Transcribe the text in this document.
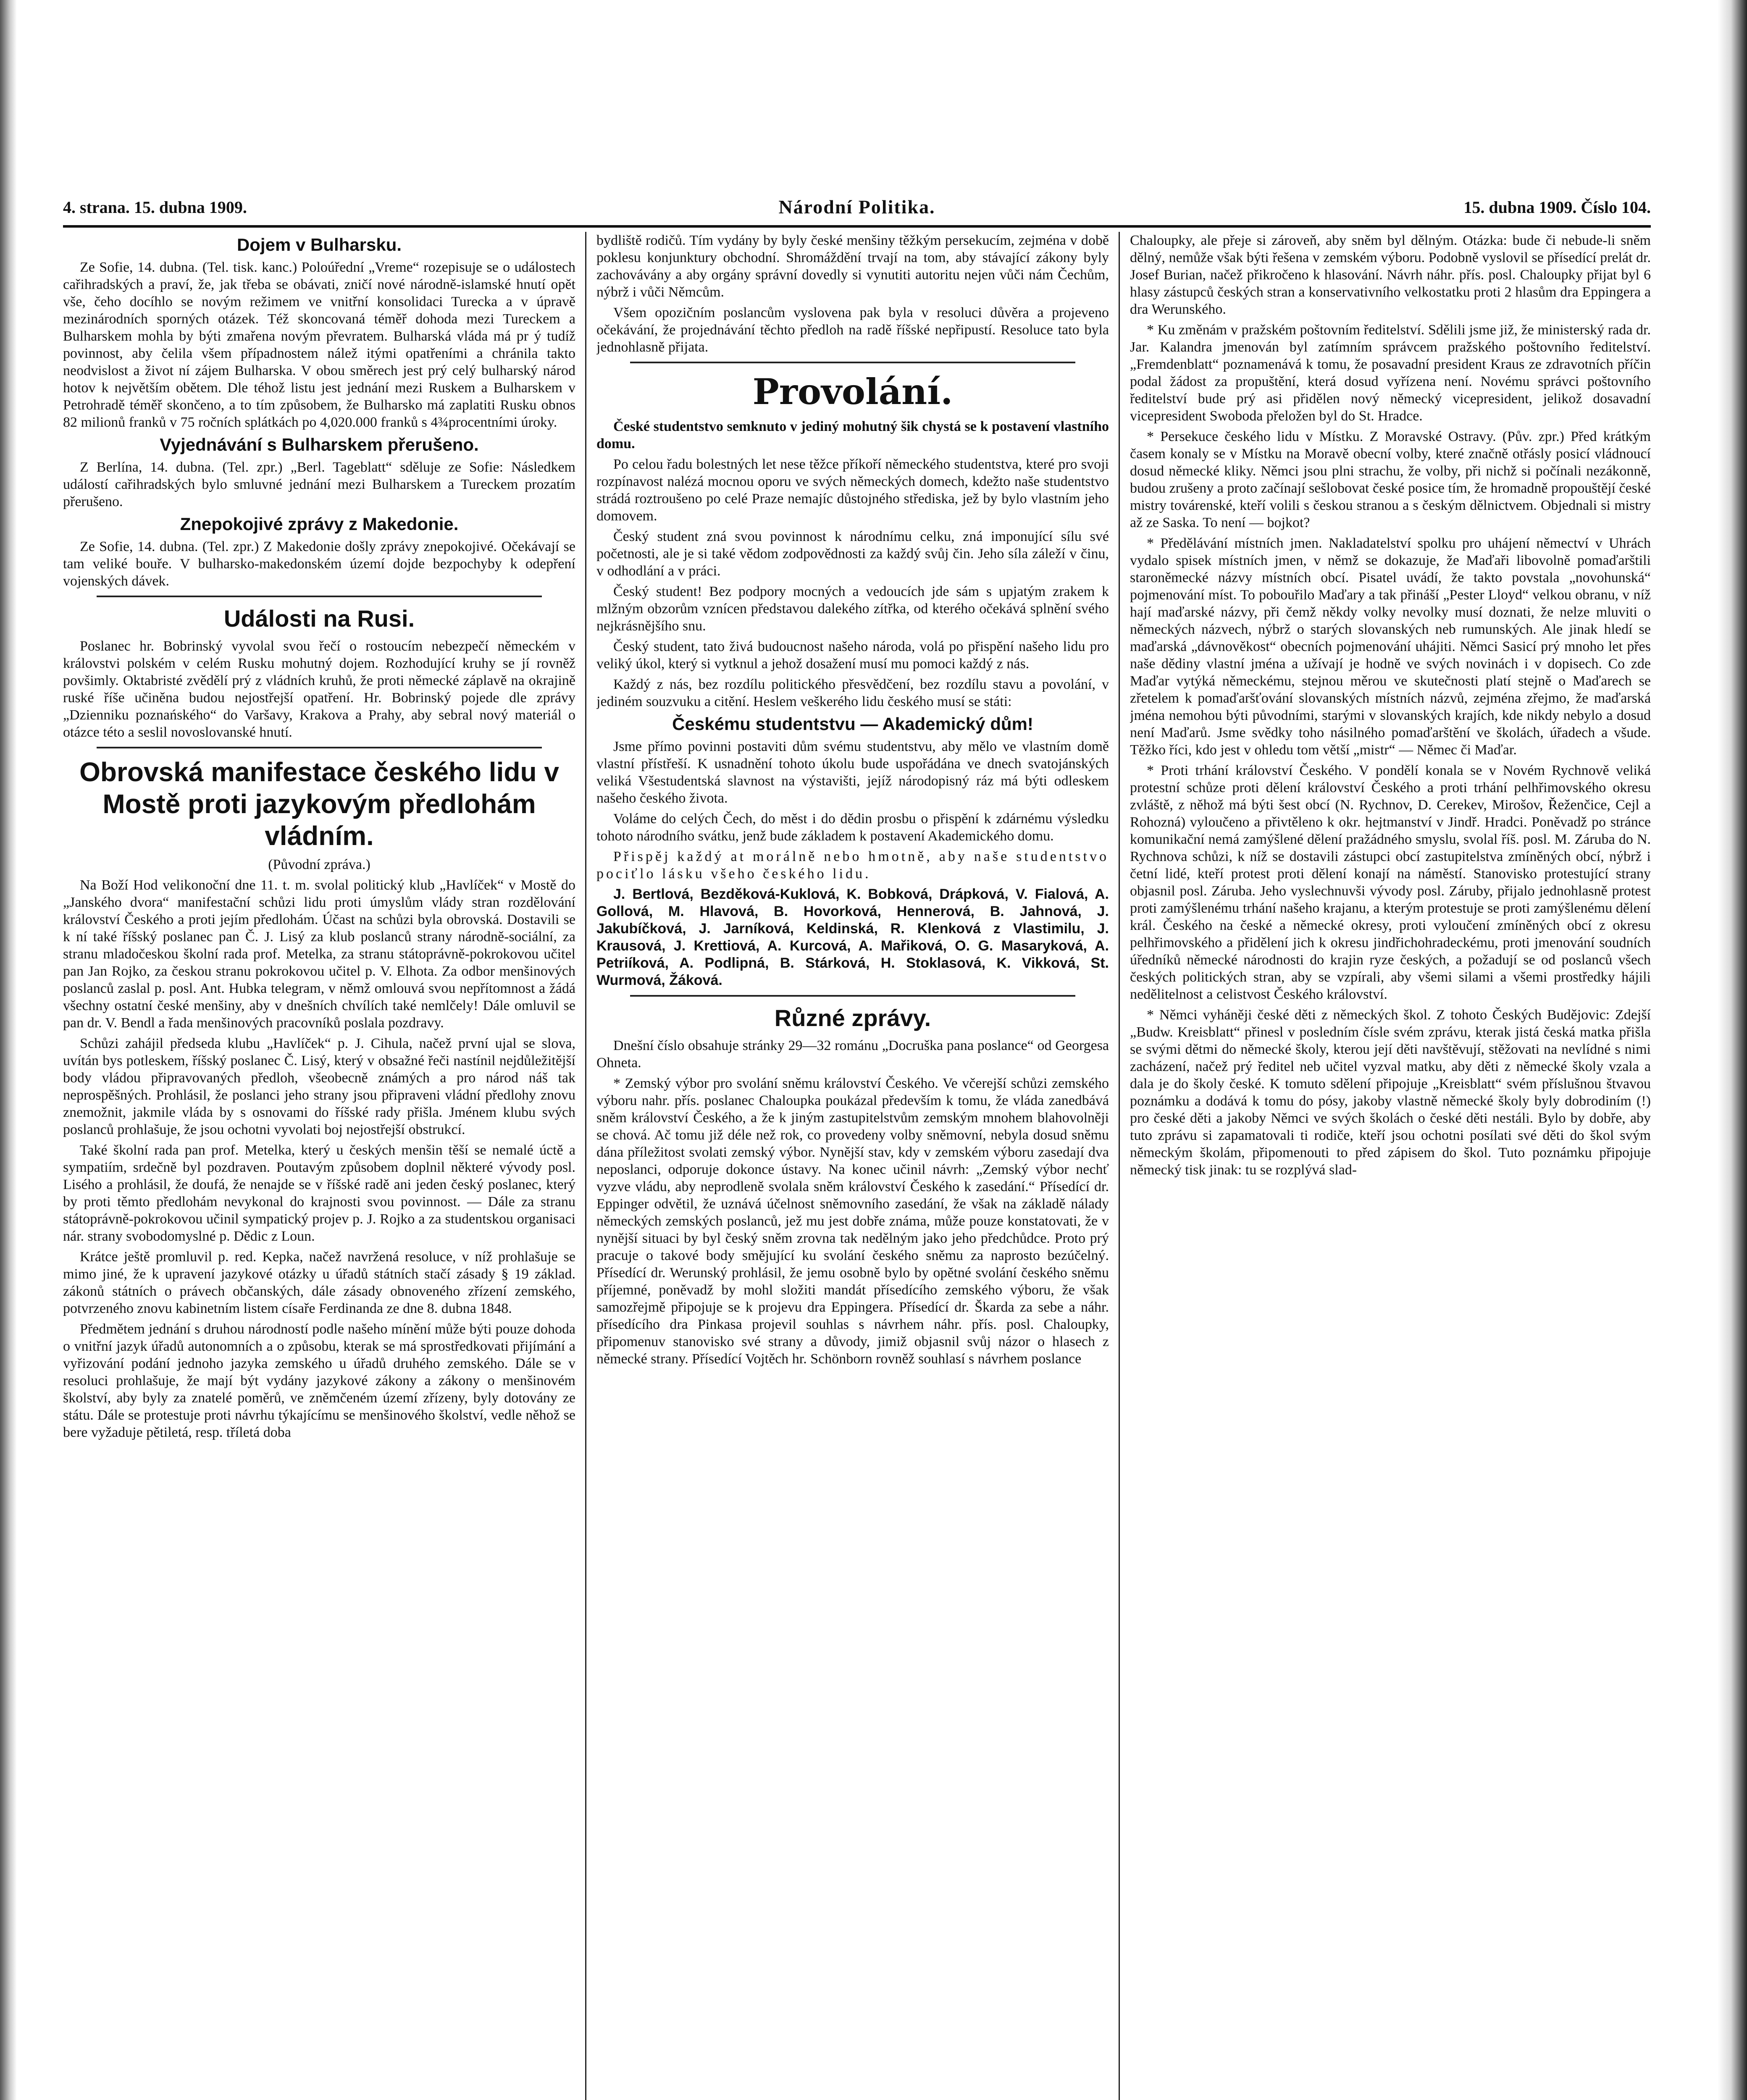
4. strana. 15. dubna 1909.	Národní Politika.	15. dubna 1909. Číslo 104.
Dojem v Bulharsku.

Ze Sofie, 14. dubna. (Tel. tisk. kanc.) Poloúřední „Vreme“ rozepisuje se o událostech cařihradských a praví, že, jak třeba se obávati, zničí nové národně-islamské hnutí opět vše, čeho docíhlo se novým režimem ve vnitřní konsolidaci Turecka a v úpravě mezinárodních sporných otázek. Též skoncovaná téměř dohoda mezi Tureckem a Bulharskem mohla by býti zmařena novým převratem. Bulharská vláda má pr ý tudíž povinnost, aby čelila všem případnostem nálež itými opatřeními a chránila takto neodvislost a život ní zájem Bulharska. V obou směrech jest prý celý bulharský národ hotov k největším obětem. Dle téhož listu jest jednání mezi Ruskem a Bulharskem v Petrohradě téměř skončeno, a to tím způsobem, že Bulharsko má zaplatiti Rusku obnos 82 milionů franků v 75 ročních splátkách po 4,020.000 franků s 4¾procentními úroky.

Vyjednávání s Bulharskem přerušeno.

Z Berlína, 14. dubna. (Tel. zpr.) „Berl. Tageblatt“ sděluje ze Sofie: Následkem událostí cařihradských bylo smluvné jednání mezi Bulharskem a Tureckem prozatím přerušeno.

Znepokojivé zprávy z Makedonie.

Ze Sofie, 14. dubna. (Tel. zpr.) Z Makedonie došly zprávy znepokojivé. Očekávají se tam veliké bouře. V bulharsko-makedonském území dojde bezpochyby k odepření vojenských dávek.

Události na Rusi.

Poslanec hr. Bobrinský vyvolal svou řečí o rostoucím nebezpečí německém v královstvi polském v celém Rusku mohutný dojem. Rozhodující kruhy se jí rovněž povšimly. Oktabristé zvědělí prý z vládních kruhů, že proti německé záplavě na okrajině ruské říše učiněna budou nejostřejší opatření. Hr. Bobrinský pojede dle zprávy „Dzienniku poznańského“ do Varšavy, Krakova a Prahy, aby sebral nový materiál o otázce této a seslil novoslovanské hnutí.

Obrovská manifestace českého lidu v Mostě proti jazykovým předlohám vládním.

(Původní zpráva.)

Na Boží Hod velikonoční dne 11. t. m. svolal politický klub „Havlíček“ v Mostě do „Janského dvora“ manifestační schůzi lidu proti úmyslům vlády stran rozdělování království Českého a proti jejím předlohám. Účast na schůzi byla obrovská. Dostavili se k ní také říšský poslanec pan Č. J. Lisý za klub poslanců strany národně-sociální, za stranu mladočeskou školní rada prof. Metelka, za stranu státoprávně-pokrokovou učitel pan Jan Rojko, za českou stranu pokrokovou učitel p. V. Elhota. Za odbor menšinových poslanců zaslal p. posl. Ant. Hubka telegram, v němž omlouvá svou nepřítomnost a žádá všechny ostatní české menšiny, aby v dnešních chvílích také nemlčely! Dále omluvil se pan dr. V. Bendl a řada menšinových pracovníků poslala pozdravy.

Schůzi zahájil předseda klubu „Havlíček“ p. J. Cihula, načež první ujal se slova, uvítán bys potleskem, říšský poslanec Č. Lisý, který v obsažné řeči nastínil nejdůležitější body vládou připravovaných předloh, všeobecně známých a pro národ náš tak neprospěšných. Prohlásil, že poslanci jeho strany jsou připraveni vládní předlohy znovu znemožnit, jakmile vláda by s osnovami do říšské rady přišla. Jménem klubu svých poslanců prohlašuje, že jsou ochotni vyvolati boj nejostřejší obstrukcí.

Také školní rada pan prof. Metelka, který u českých menšin těší se nemalé úctě a sympatiím, srdečně byl pozdraven. Poutavým způsobem doplnil některé vývody posl. Lisého a prohlásil, že doufá, že nenajde se v říšské radě ani jeden český poslanec, který by proti těmto předlohám nevykonal do krajnosti svou povinnost. — Dále za stranu státoprávně-pokrokovou učinil sympatický projev p. J. Rojko a za studentskou organisaci nár. strany svobodomyslné p. Dědic z Loun.

Krátce ještě promluvil p. red. Kepka, načež navržená resoluce, v níž prohlašuje se mimo jiné, že k upravení jazykové otázky u úřadů státních stačí zásady § 19 základ. zákonů státních o právech občanských, dále zásady obnoveného zřízení zemského, potvrzeného znovu kabinetním listem císaře Ferdinanda ze dne 8. dubna 1848.

Předmětem jednání s druhou národností podle našeho mínění může býti pouze dohoda o vnitřní jazyk úřadů autonomních a o způsobu, kterak se má sprostředkovati přijímání a vyřizování podání jednoho jazyka zemského u úřadů druhého zemského. Dále se v resoluci prohlašuje, že mají být vydány jazykové zákony a zákony o menšinovém školství, aby byly za znatelé poměrů, ve zněmčeném území zřízeny, byly dotovány ze státu. Dále se protestuje proti návrhu týkajícímu se menšinového školství, vedle něhož se bere vyžaduje pětiletá, resp. tříletá doba

bydliště rodičů. Tím vydány by byly české menšiny těžkým persekucím, zejména v době poklesu konjunktury obchodní. Shromáždění trvají na tom, aby stávající zákony byly zachovávány a aby orgány správní dovedly si vynutiti autoritu nejen vůči nám Čechům, nýbrž i vůči Němcům.

Všem opozičním poslancům vyslovena pak byla v resoluci důvěra a projeveno očekávání, že projednávání těchto předloh na radě říšské nepřipustí. Resoluce tato byla jednohlasně přijata.

Provolání.

České studentstvo semknuto v jediný mohutný šik chystá se k postavení vlastního domu.

Po celou řadu bolestných let nese těžce příkoří německého studentstva, které pro svoji rozpínavost nalézá mocnou oporu ve svých německých domech, kdežto naše studentstvo strádá roztroušeno po celé Praze nemajíc důstojného střediska, jež by bylo vlastním jeho domovem.

Český student zná svou povinnost k národnímu celku, zná imponující sílu své početnosti, ale je si také vědom zodpovědnosti za každý svůj čin. Jeho síla záleží v činu, v odhodlání a v práci.

Český student! Bez podpory mocných a vedoucích jde sám s upjatým zrakem k mlžným obzorům vznícen představou dalekého zítřka, od kterého očekává splnění svého nejkrásnějšího snu.

Český student, tato živá budoucnost našeho národa, volá po přispění našeho lidu pro veliký úkol, který si vytknul a jehož dosažení musí mu pomoci každý z nás.

Každý z nás, bez rozdílu politického přesvědčení, bez rozdílu stavu a povolání, v jediném souzvuku a citění. Heslem veškerého lidu českého musí se státi:

Českému studentstvu — Akademický dům!

Jsme přímo povinni postaviti dům svému studentstvu, aby mělo ve vlastním domě vlastní přístřeší. K usnadnění tohoto úkolu bude uspořádána ve dnech svatojánských veliká Všestudentská slavnost na výstavišti, jejíž národopisný ráz má býti odleskem našeho českého života.

Voláme do celých Čech, do měst i do dědin prosbu o přispění k zdárnému výsledku tohoto národního svátku, jenž bude základem k postavení Akademického domu.

Přispěj každý at morálně nebo hmotně, aby naše studentstvo pociťlo lásku všeho českého lidu.

J. Bertlová, Bezděková-Kuklová, K. Bobková, Drápková, V. Fialová, A. Gollová, M. Hlavová, B. Hovorková, Hennerová, B. Jahnová, J. Jakubíčková, J. Jarníková, Keldinská, R. Klenková z Vlastimilu, J. Krausová, J. Krettiová, A. Kurcová, A. Mařiková, O. G. Masaryková, A. Petriíková, A. Podlipná, B. Stárková, H. Stoklasová, K. Vikková, St. Wurmová, Žáková.

Různé zprávy.

Dnešní číslo obsahuje stránky 29—32 románu „Docruška pana poslance“ od Georgesa Ohneta.

* Zemský výbor pro svolání sněmu království Českého. Ve včerejší schůzi zemského výboru nahr. přís. poslanec Chaloupka poukázal především k tomu, že vláda zanedbává sněm království Českého, a že k jiným zastupitelstvům zemským mnohem blahovolněji se chová. Ač tomu již déle než rok, co provedeny volby sněmovní, nebyla dosud sněmu dána příležitost svolati zemský výbor. Nynější stav, kdy v zemském výboru zasedají dva neposlanci, odporuje dokonce ústavy. Na konec učinil návrh: „Zemský výbor nechť vyzve vládu, aby neprodleně svolala sněm království Českého k zasedání.“ Přísedící dr. Eppinger odvětil, že uznává účelnost sněmovního zasedání, že však na základě nálady německých zemských poslanců, jež mu jest dobře známa, může pouze konstatovati, že v nynější situaci by byl český sněm zrovna tak nedělným jako jeho předchůdce. Proto prý pracuje o takové body smějující ku svolání českého sněmu za naprosto bezúčelný. Přísedící dr. Werunský prohlásil, že jemu osobně bylo by opětné svolání českého sněmu příjemné, poněvadž by mohl složiti mandát přísedícího zemského výboru, že však samozřejmě připojuje se k projevu dra Eppingera. Přísedící dr. Škarda za sebe a náhr. přísedícího dra Pinkasa projevil souhlas s návrhem náhr. přís. posl. Chaloupky, připomenuv stanovisko své strany a důvody, jimiž objasnil svůj názor o hlasech z německé strany. Přísedící Vojtěch hr. Schönborn rovněž souhlasí s návrhem poslance

Chaloupky, ale přeje si zároveň, aby sněm byl dělným. Otázka: bude či nebude-li sněm dělný, nemůže však býti řešena v zemském výboru. Podobně vyslovil se přísedící prelát dr. Josef Burian, načež přikročeno k hlasování. Návrh náhr. přís. posl. Chaloupky přijat byl 6 hlasy zástupců českých stran a konservativního velkostatku proti 2 hlasům dra Eppingera a dra Werunského.

* Ku změnám v pražském poštovním ředitelství. Sdělili jsme již, že ministerský rada dr. Jar. Kalandra jmenován byl zatímním správcem pražského poštovního ředitelství. „Fremdenblatt“ poznamenává k tomu, že posavadní president Kraus ze zdravotních příčin podal žádost za propuštění, která dosud vyřízena není. Novému správci poštovního ředitelství bude prý asi přidělen nový německý vicepresident, jelikož dosavadní vicepresident Swoboda přeložen byl do St. Hradce.

* Persekuce českého lidu v Místku. Z Moravské Ostravy. (Pův. zpr.) Před krátkým časem konaly se v Místku na Moravě obecní volby, které značně otřásly posicí vládnoucí dosud německé kliky. Němci jsou plni strachu, že volby, při nichž si počínali nezákonně, budou zrušeny a proto začínají sešlobovat české posice tím, že hromadně propouštějí české mistry továrenské, kteří volili s českou stranou a s českým dělnictvem. Objednali si mistry až ze Saska. To není — bojkot?

* Předělávání místních jmen. Nakladatelství spolku pro uhájení němectví v Uhrách vydalo spisek místních jmen, v němž se dokazuje, že Maďaři libovolně pomaďarštili staroněmecké názvy místních obcí. Pisatel uvádí, že takto povstala „novohunská“ pojmenování míst. To pobouřilo Maďary a tak přináší „Pester Lloyd“ velkou obranu, v níž hají maďarské názvy, při čemž někdy volky nevolky musí doznati, že nelze mluviti o německých názvech, nýbrž o starých slovanských neb rumunských. Ale jinak hledí se maďarská „dávnověkost“ obecních pojmenování uhájiti. Němci Sasicí prý mnoho let přes naše dědiny vlastní jména a užívají je hodně ve svých novinách i v dopisech. Co zde Maďar vytýká německému, stejnou měrou ve skutečnosti platí stejně o Maďarech se zřetelem k pomaďaršťování slovanských místních názvů, zejména zřejmo, že maďarská jména nemohou býti původními, starými v slovanských krajích, kde nikdy nebylo a dosud není Maďarů. Jsme svědky toho násilného pomaďarštění ve školách, úřadech a všude. Těžko říci, kdo jest v ohledu tom větší „mistr“ — Němec či Maďar.

* Proti trhání království Českého. V pondělí konala se v Novém Rychnově veliká protestní schůze proti dělení království Českého a proti trhání pelhřimovského okresu zvláště, z něhož má býti šest obcí (N. Rychnov, D. Cerekev, Mirošov, Řeženčice, Cejl a Rohozná) vyloučeno a přivtěleno k okr. hejtmanství v Jindř. Hradci. Poněvadž po stránce komunikační nemá zamýšlené dělení pražádného smyslu, svolal říš. posl. M. Záruba do N. Rychnova schůzi, k níž se dostavili zástupci obcí zastupitelstva zmíněných obcí, nýbrž i četní lidé, kteří protest proti dělení konají na náměstí. Stanovisko protestující strany objasnil posl. Záruba. Jeho vyslechnuvši vývody posl. Záruby, přijalo jednohlasně protest proti zamýšlenému trhání našeho krajanu, a kterým protestuje se proti zamýšlenému dělení král. Českého na české a německé okresy, proti vyloučení zmíněných obcí z okresu pelhřimovského a přidělení jich k okresu jindřichohradeckému, proti jmenování soudních úředníků německé národnosti do krajin ryze českých, a požadují se od poslanců všech českých politických stran, aby se vzpírali, aby všemi silami a všemi prostředky hájili nedělitelnost a celistvost Českého království.

* Němci vyháněji české děti z německých škol. Z tohoto Českých Budějovic: Zdejší „Budw. Kreisblatt“ přinesl v posledním čísle svém zprávu, kterak jistá česká matka přišla se svými dětmi do německé školy, kterou její děti navštěvují, stěžovati na nevlídné s nimi zacházení, načež prý ředitel neb učitel vyzval matku, aby děti z německé školy vzala a dala je do školy české. K tomuto sdělení připojuje „Kreisblatt“ svém příslušnou štvavou poznámku a dodává k tomu do pósy, jakoby vlastně německé školy byly dobrodiním (!) pro české děti a jakoby Němci ve svých školách o české děti nestáli. Bylo by dobře, aby tuto zprávu si zapamatovali ti rodiče, kteří jsou ochotni posílati své děti do škol svým německým školám, připomenouti to před zápisem do škol. Tuto poznámku připojuje německý tisk jinak: tu se rozplývá slad-
